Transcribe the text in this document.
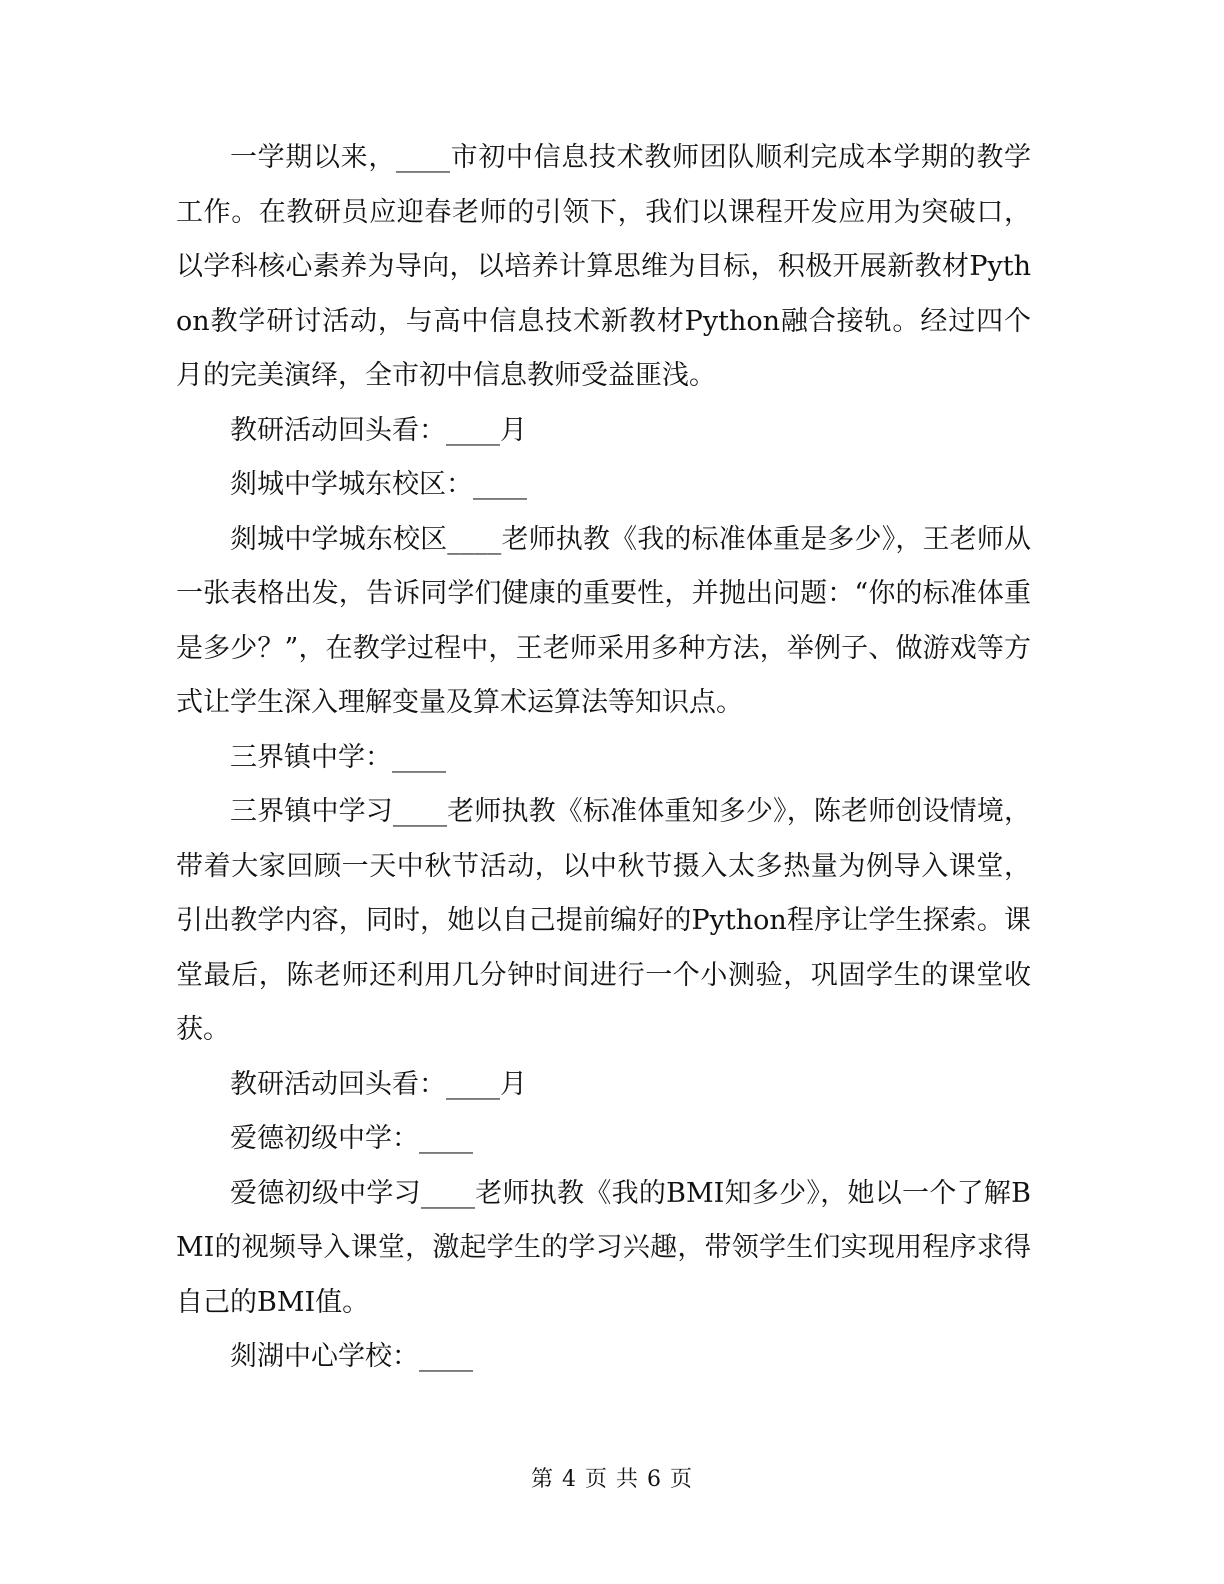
一学期以来，____市初中信息技术教师团队顺利完成本学期的教学工作。在教研员应迎春老师的引领下，我们以课程开发应用为突破口，以学科核心素养为导向，以培养计算思维为目标，积极开展新教材Python教学研讨活动，与高中信息技术新教材Python融合接轨。经过四个月的完美演绎，全市初中信息教师受益匪浅。

教研活动回头看：____月

剡城中学城东校区：____

剡城中学城东校区____老师执教《我的标准体重是多少》，王老师从一张表格出发，告诉同学们健康的重要性，并抛出问题：“你的标准体重是多少？”，在教学过程中，王老师采用多种方法，举例子、做游戏等方式让学生深入理解变量及算术运算法等知识点。

三界镇中学：____

三界镇中学习____老师执教《标准体重知多少》，陈老师创设情境，带着大家回顾一天中秋节活动，以中秋节摄入太多热量为例导入课堂，引出教学内容，同时，她以自己提前编好的Python程序让学生探索。课堂最后，陈老师还利用几分钟时间进行一个小测验，巩固学生的课堂收获。

教研活动回头看：____月

爱德初级中学：____

爱德初级中学习____老师执教《我的BMI知多少》，她以一个了解BMI的视频导入课堂，激起学生的学习兴趣，带领学生们实现用程序求得自己的BMI值。

剡湖中心学校：____

第 4 页 共 6 页
